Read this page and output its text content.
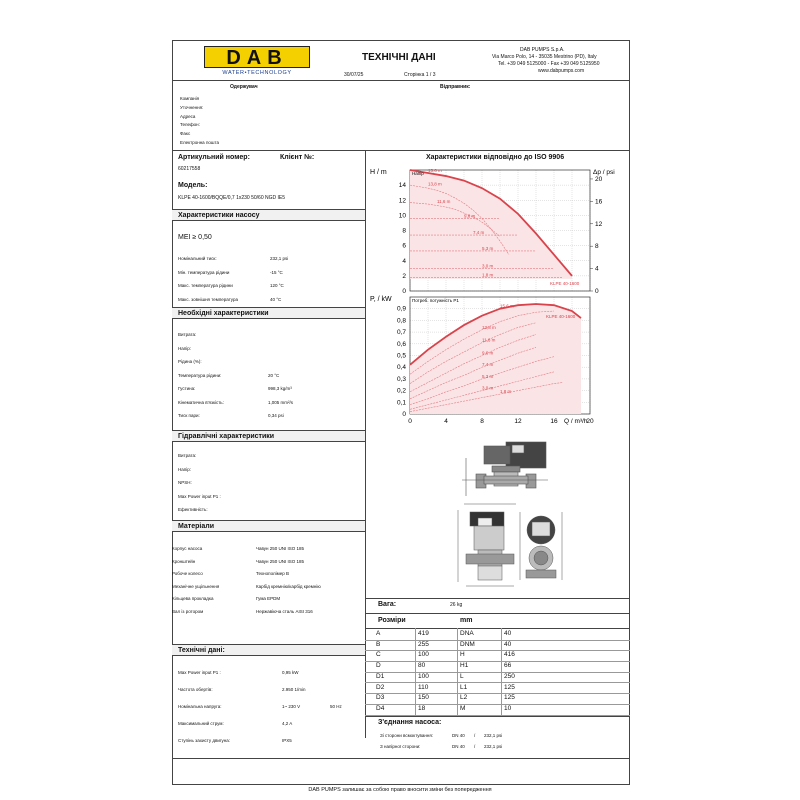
DAB
WATER•TECHNOLOGY
ТЕХНІЧНІ ДАНІ
30/07/25	Сторінка 1 / 3
DAB PUMPS S.p.A.
Via Marco Polo, 14 - 35035 Mestrino (PD), Italy
Tel. +39 049 5125000 - Fax +39 049 5125950
www.dabpumps.com
Одержувач	Відправник:
Компанія
Уточнення:
Адреса
Телефон:
Факс
Електронна пошта
Артикульний номер:	Клієнт №:
60217558
Модель:
KLPE 40-1600/BQQE/0,7 1x230 50/60 NGD IE5
Характеристики насосу
MEI ≥ 0,50
Номінальний тиск:	232,1 psi
Мін. температура рідини	-15 °C
Макс. температура рідини	120 °C
Макс. зовнішня температура	40 °C
Необхідні характеристики
Витрата:
Напір:
Рідина (%):
Температура рідини:	20 °C
Густина:	998,3 kg/m³
Кінематична в'язкість:	1,005 mm²/s
Тиск пари:	0,34 psi
Гідравлічні характеристики
Витрата:
Напір:
NPSH:
Max Power input P1 :
Ефективність:
Матеріали
Корпус насоса	Чавун 250 UNI ISO 185
Кронштейн	Чавун 250 UNI ISO 185
Робоче колесо	Технополімер B
Механічне ущільнення	Карбід кремнію/карбід кремнію
Кільцева прокладка	Гума EPDM
Вал із ротором	Нержавіюча сталь AISI 316
Технічні дані:
Max Power input P1 :	0,95 kW
Частота обертів:	2.950 1/min
Номінальна напруга:	1~ 230 V	50 Hz
Максимальний струм:	4,2 A
Ступінь захисту двигуна:	IPX5
Характеристики відповідно до ISO 9906
0
2
4
6
8
10
12
14
0
4
8
12
16
20
15,6 m
13,8 m
11,6 m
9,6 m
7,4 m
5,3 m
3,0 m
1,8 m
KLPE 40-1600
Напір
H / m	Δp / psi
0
0,1
0,2
0,3
0,4
0,5
0,6
0,7
0,8
0,9	15,6 m
13,8 m
11,6 m
9,6 m
7,4 m
5,3 m
3,0 m
1,8 m
KLPE 40-1600
Потреб. потужність P1
P, / kW
0	4	8	12	16	20
Q / m³/h
Вага:	26 kg
Розміри	mm
A	419	DNA	40
B	255	DNM	40
C	100	H	416
D	80	H1	66
D1	100	L	250
D2	110	L1	125
D3	150	L2	125
D4	18	M	10
З'єднання насоса:
Зі сторони всмоктування:	DN 40 / 232,1 psi
З напірної сторони:	DN 40 / 232,1 psi
DAB PUMPS залишає за собою право вносити зміни без попередження
